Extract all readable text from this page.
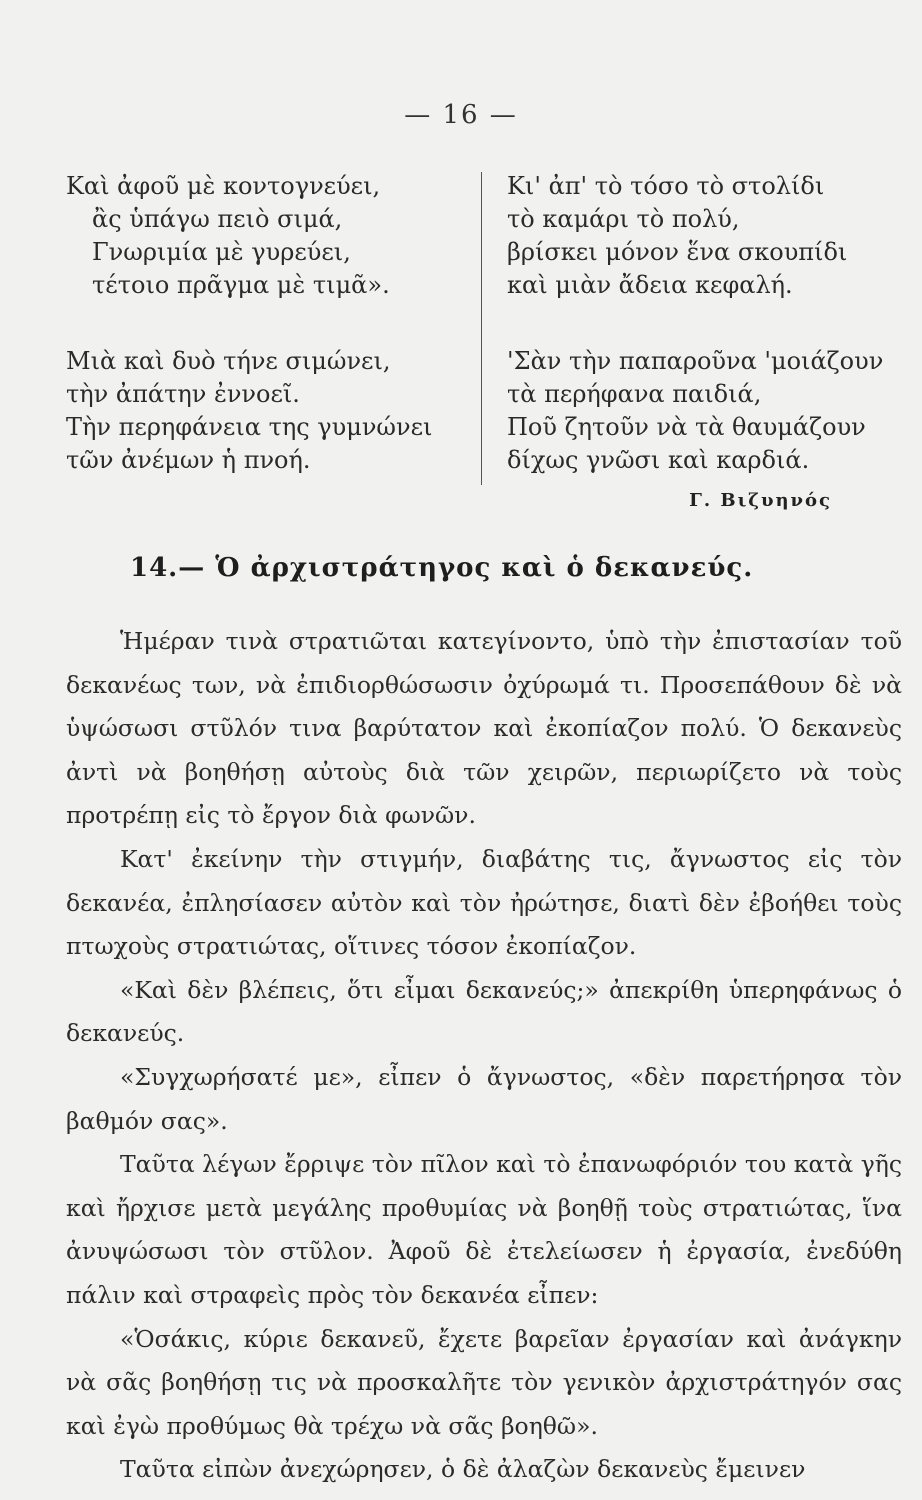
— 16 —
Καὶ ἀφοῦ μὲ κοντογνεύει,
ἂς ὑπάγω πειὸ σιμά,
Γνωριμία μὲ γυρεύει,
τέτοιο πρᾶγμα μὲ τιμᾶ».
Μιὰ καὶ δυὸ τήνε σιμώνει,
τὴν ἀπάτην ἐννοεῖ.
Τὴν περηφάνεια της γυμνώνει
τῶν ἀνέμων ἡ πνοή.
Κι' ἀπ' τὸ τόσο τὸ στολίδι
τὸ καμάρι τὸ πολύ,
βρίσκει μόνον ἕνα σκουπίδι
καὶ μιὰν ἄδεια κεφαλή.
'Σὰν τὴν παπαροῦνα 'μοιάζουν
τὰ περήφανα παιδιά,
Ποῦ ζητοῦν νὰ τὰ θαυμάζουν
δίχως γνῶσι καὶ καρδιά.
Γ. Βιζυηνός
14.— Ὁ ἀρχιστράτηγος καὶ ὁ δεκανεύς.

Ἡμέραν τινὰ στρατιῶται κατεγίνοντο, ὑπὸ τὴν ἐπιστασίαν τοῦ δεκανέως των, νὰ ἐπιδιορθώσωσιν ὀχύρωμά τι. Προσεπάθουν δὲ νὰ ὑψώσωσι στῦλόν τινα βαρύτατον καὶ ἐκοπίαζον πολύ. Ὁ δεκανεὺς ἀντὶ νὰ βοηθήσῃ αὐτοὺς διὰ τῶν χειρῶν, περιωρίζετο νὰ τοὺς προτρέπῃ εἰς τὸ ἔργον διὰ φωνῶν.

Κατ' ἐκείνην τὴν στιγμήν, διαβάτης τις, ἄγνωστος εἰς τὸν δεκανέα, ἐπλησίασεν αὐτὸν καὶ τὸν ἠρώτησε, διατὶ δὲν ἐβοήθει τοὺς πτωχοὺς στρατιώτας, οἵτινες τόσον ἐκοπίαζον.

«Καὶ δὲν βλέπεις, ὅτι εἶμαι δεκανεύς;» ἀπεκρίθη ὑπερηφάνως ὁ δεκανεύς.

«Συγχωρήσατέ με», εἶπεν ὁ ἄγνωστος, «δὲν παρετήρησα τὸν βαθμόν σας».

Ταῦτα λέγων ἔρριψε τὸν πῖλον καὶ τὸ ἐπανωφόριόν του κατὰ γῆς καὶ ἤρχισε μετὰ μεγάλης προθυμίας νὰ βοηθῇ τοὺς στρατιώτας, ἵνα ἀνυψώσωσι τὸν στῦλον. Ἀφοῦ δὲ ἐτελείωσεν ἡ ἐργασία, ἐνεδύθη πάλιν καὶ στραφεὶς πρὸς τὸν δεκανέα εἶπεν:

«Ὁσάκις, κύριε δεκανεῦ, ἔχετε βαρεῖαν ἐργασίαν καὶ ἀνάγκην νὰ σᾶς βοηθήσῃ τις νὰ προσκαλῆτε τὸν γενικὸν ἀρχιστράτηγόν σας καὶ ἐγὼ προθύμως θὰ τρέχω νὰ σᾶς βοηθῶ».

Ταῦτα εἰπὼν ἀνεχώρησεν, ὁ δὲ ἀλαζὼν δεκανεὺς ἔμεινεν
